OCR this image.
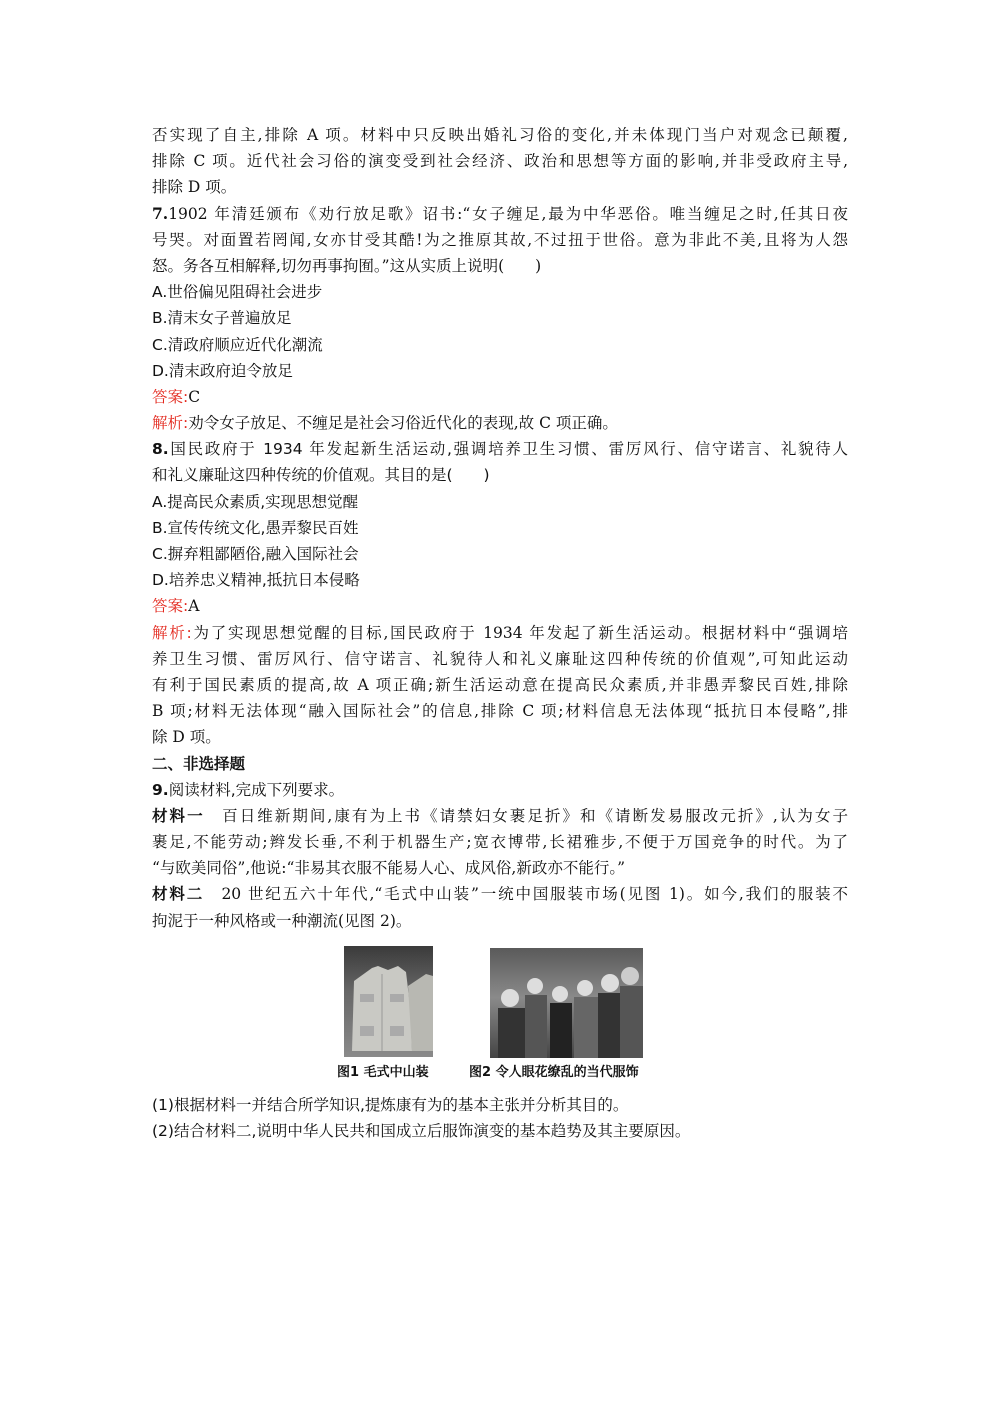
否实现了自主,排除 A 项。材料中只反映出婚礼习俗的变化,并未体现门当户对观念已颠覆,
排除 C 项。近代社会习俗的演变受到社会经济、政治和思想等方面的影响,并非受政府主导,
排除 D 项。
7.1902 年清廷颁布《劝行放足歌》诏书:“女子缠足,最为中华恶俗。唯当缠足之时,任其日夜
号哭。对面置若罔闻,女亦甘受其酷!为之推原其故,不过扭于世俗。意为非此不美,且将为人怨
怒。务各互相解释,切勿再事拘囿。”这从实质上说明(　　)
A.世俗偏见阻碍社会进步
B.清末女子普遍放足
C.清政府顺应近代化潮流
D.清末政府迫令放足
答案:C
解析:劝令女子放足、不缠足是社会习俗近代化的表现,故 C 项正确。
8.国民政府于 1934 年发起新生活运动,强调培养卫生习惯、雷厉风行、信守诺言、礼貌待人
和礼义廉耻这四种传统的价值观。其目的是(　　)
A.提高民众素质,实现思想觉醒
B.宣传传统文化,愚弄黎民百姓
C.摒弃粗鄙陋俗,融入国际社会
D.培养忠义精神,抵抗日本侵略
答案:A
解析:为了实现思想觉醒的目标,国民政府于 1934 年发起了新生活运动。根据材料中“强调培
养卫生习惯、雷厉风行、信守诺言、礼貌待人和礼义廉耻这四种传统的价值观”,可知此运动
有利于国民素质的提高,故 A 项正确;新生活运动意在提高民众素质,并非愚弄黎民百姓,排除
B 项;材料无法体现“融入国际社会”的信息,排除 C 项;材料信息无法体现“抵抗日本侵略”,排
除 D 项。
二、非选择题
9.阅读材料,完成下列要求。
材料一　百日维新期间,康有为上书《请禁妇女裹足折》和《请断发易服改元折》,认为女子
裹足,不能劳动;辫发长垂,不利于机器生产;宽衣博带,长裙雅步,不便于万国竞争的时代。为了
“与欧美同俗”,他说:“非易其衣服不能易人心、成风俗,新政亦不能行。”
材料二　 20 世纪五六十年代,“毛式中山装”一统中国服装市场(见图 1)。如今,我们的服装不
拘泥于一种风格或一种潮流(见图 2)。
图1 毛式中山装	图2 令人眼花缭乱的当代服饰
(1)根据材料一并结合所学知识,提炼康有为的基本主张并分析其目的。
(2)结合材料二,说明中华人民共和国成立后服饰演变的基本趋势及其主要原因。
